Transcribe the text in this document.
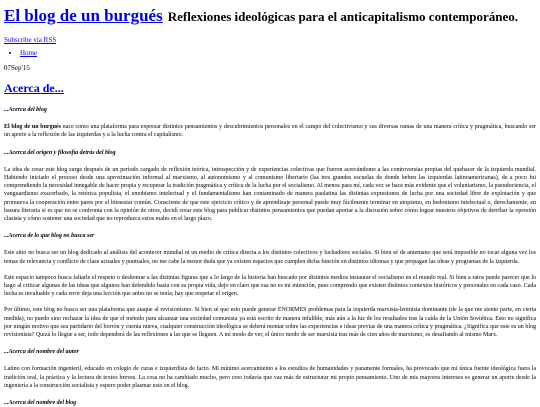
El blog de un burgués Reflexiones ideológicas para el anticapitalismo contemporáneo.
Subscribe via RSS
• Home
07Sep'15
Acerca de...
...Acerca del blog

El blog de un burgués nace como una plataforma para expresar distintos pensamientos y descubrimientos personales en el campo del colectivismo y sus diversas ramas de una manera crítica y pragmática, buscando ser un aporte a la reflexión de las izquierdas y a la lucha contra el capitalismo.

...Acerca del origen y filosofía detrás del blog

La idea de crear este blog surge después de un período cargado de reflexión teórica, introspección y de experiencias colectivas que fueron acercándome a las controversias propias del quehacer de la izquierda mundial. Habiendo iniciado el proceso desde una aproximación informal al marxismo, al autonomismo y al comunismo libertario (las tres grandes escuelas de donde beben las izquierdas latinoamericanas), de a poco fui comprendiendo la necesidad innegable de hacer propia y recuperar la tradición pragmática y crítica de la lucha por el socialismo. Al menos para mí, cada vez se hace más evidente que el voluntarismo, la pseudociencia, el vanguardismo exacerbado, la retórica populista, el emobismo intelectual y el fundamentalismo han contaminado de manera paulatina las distintas expresiones de lucha por una sociedad libre de explotación y que promueva la cooperación entre pares por el bienestar común. Consciente de que este ejercicio crítico y de aprendizaje personal puede muy fácilmente terminar en utopismo, en hedonismo intelectual o, derechamente, en basura literaria si es que no se confronta con la opinión de otros, decidí crear este blog para publicar distintos pensamientos que puedan aportar a la discusión sobre cómo lograr nuestros objetivos de derribar la opresión clasista y cómo sostener una sociedad que no reproduzca estos males en el largo plazo.

...Acerca de lo que blog no busca ser

Este sitio no busca ser un blog dedicado al análisis del acontecer mundial ni un medio de crítica directa a los distintos colectivos y luchadores sociales. Si bien sé de antemano que será imposible no tocar alguna vez los temas de relevancia y conflicto de clase actuales y puntuales, no me cabe la menor duda que ya existen espacios que cumplen dicha función en distintos idiomas y que propagan las ideas y programas de la izquierda.

Este espacio tampoco busca faltarle el respeto o deshonrar a las distintas figuras que a lo largo de la historia han buscado por distintos medios instaurar el socialismo en el mundo real. Si bien a ratos puede parecer que lo hago al criticar algunas de las ideas que algunos han defendido hasta con su propia vida, dejo en claro que esa no es mi intención, pues comprendo que existen distintos contextos históricos y personales en cada caso. Cada lucha es invaluable y cada error deja una lección que antes no se tenía; hay que respetar el origen.

Por último, este blog no busca ser una plataforma que ataque al revisionismo. Si bien sé que esto puede generar ENORMES problemas para la izquierda marxista-leninista dominante (de la que me siento parte, en cierta medida), no puedo sino rechazar la idea de que el método para alcanzar una sociedad comunista ya está escrito de manera infalible, más aún a la luz de los resultados tras la caída de la Unión Soviética. Esto no significa por ningún motivo que sea partidario del borrón y cuenta nueva, cualquier construcción ideológica se deberá montar sobre las experiencias e ideas previas de una manera crítica y pragmática. ¿Significa que este es un blog revisionista? Quizá lo llegue a ser, todo dependerá de las reflexiones a las que se lleguen. A mi modo de ver, el único modo de ser marxista tras más de cien años de marxismo, es desafiando al mismo Marx.

...Acerca del nombre del autor

Latino con formación ingenieril, educado en colegio de curas e izquierdista de facto. Mi mínimo acercamiento a los estudios de humanidades y paramente formales, ha provocado que mi única fuente ideológica fuera la tradición oral, la práctica y la lectura de textos breves. La cosa no ha cambiado mucho, pero creo todavía que vaz más de estructurar mi propio pensamiento. Uno de mis mayores intereses es generar un aporte desde la ingeniería a la construcción socialista y espero poder plasmar esto en el blog.

...Acerca del nombre del blog
